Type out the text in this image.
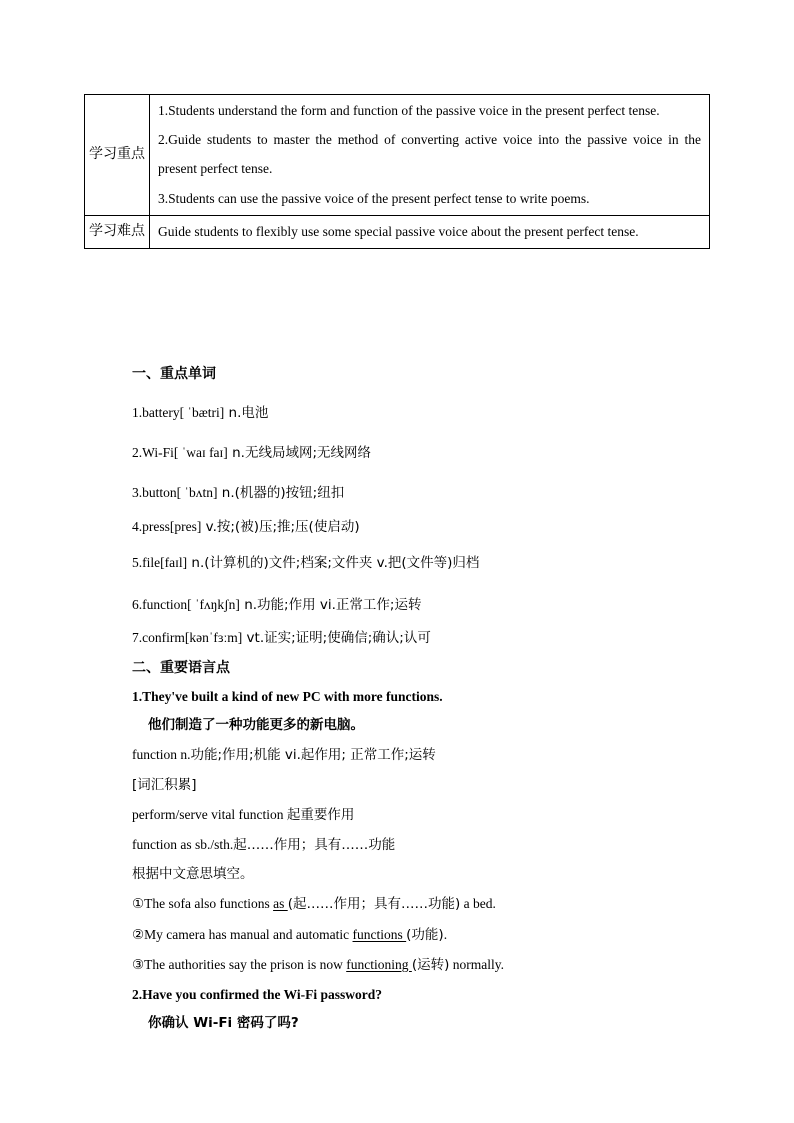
学习重点	1.Students understand the form and function of the passive voice in the present perfect tense.
2.Guide students to master the method of converting active voice into the passive voice in the present perfect tense.
3.Students can use the passive voice of the present perfect tense to write poems.

学习难点	Guide students to flexibly use some special passive voice about the present perfect tense.

一、重点单词

1.battery[ ˈbætri] n.电池

2.Wi-Fi[ ˈwaɪ faɪ] n.无线局域网;无线网络

3.button[ ˈbʌtn] n.(机器的)按钮;纽扣

4.press[pres] v.按;(被)压;推;压(使启动)

5.file[faɪl] n.(计算机的)文件;档案;文件夹 v.把(文件等)归档

6.function[ ˈfʌŋkʃn] n.功能;作用 vi.正常工作;运转

7.confirm[kənˈfɜːm] vt.证实;证明;使确信;确认;认可

二、重要语言点

1.They've built a kind of new PC with more functions.

他们制造了一种功能更多的新电脑。

function n.功能;作用;机能 vi.起作用; 正常工作;运转

[词汇积累]

perform/serve vital function 起重要作用

function as sb./sth.起……作用；具有……功能

根据中文意思填空。

①The sofa also functions as (起……作用；具有……功能) a bed.

②My camera has manual and automatic functions (功能).

③The authorities say the prison is now functioning (运转) normally.

2.Have you confirmed the Wi-Fi password?

你确认 Wi-Fi 密码了吗?
